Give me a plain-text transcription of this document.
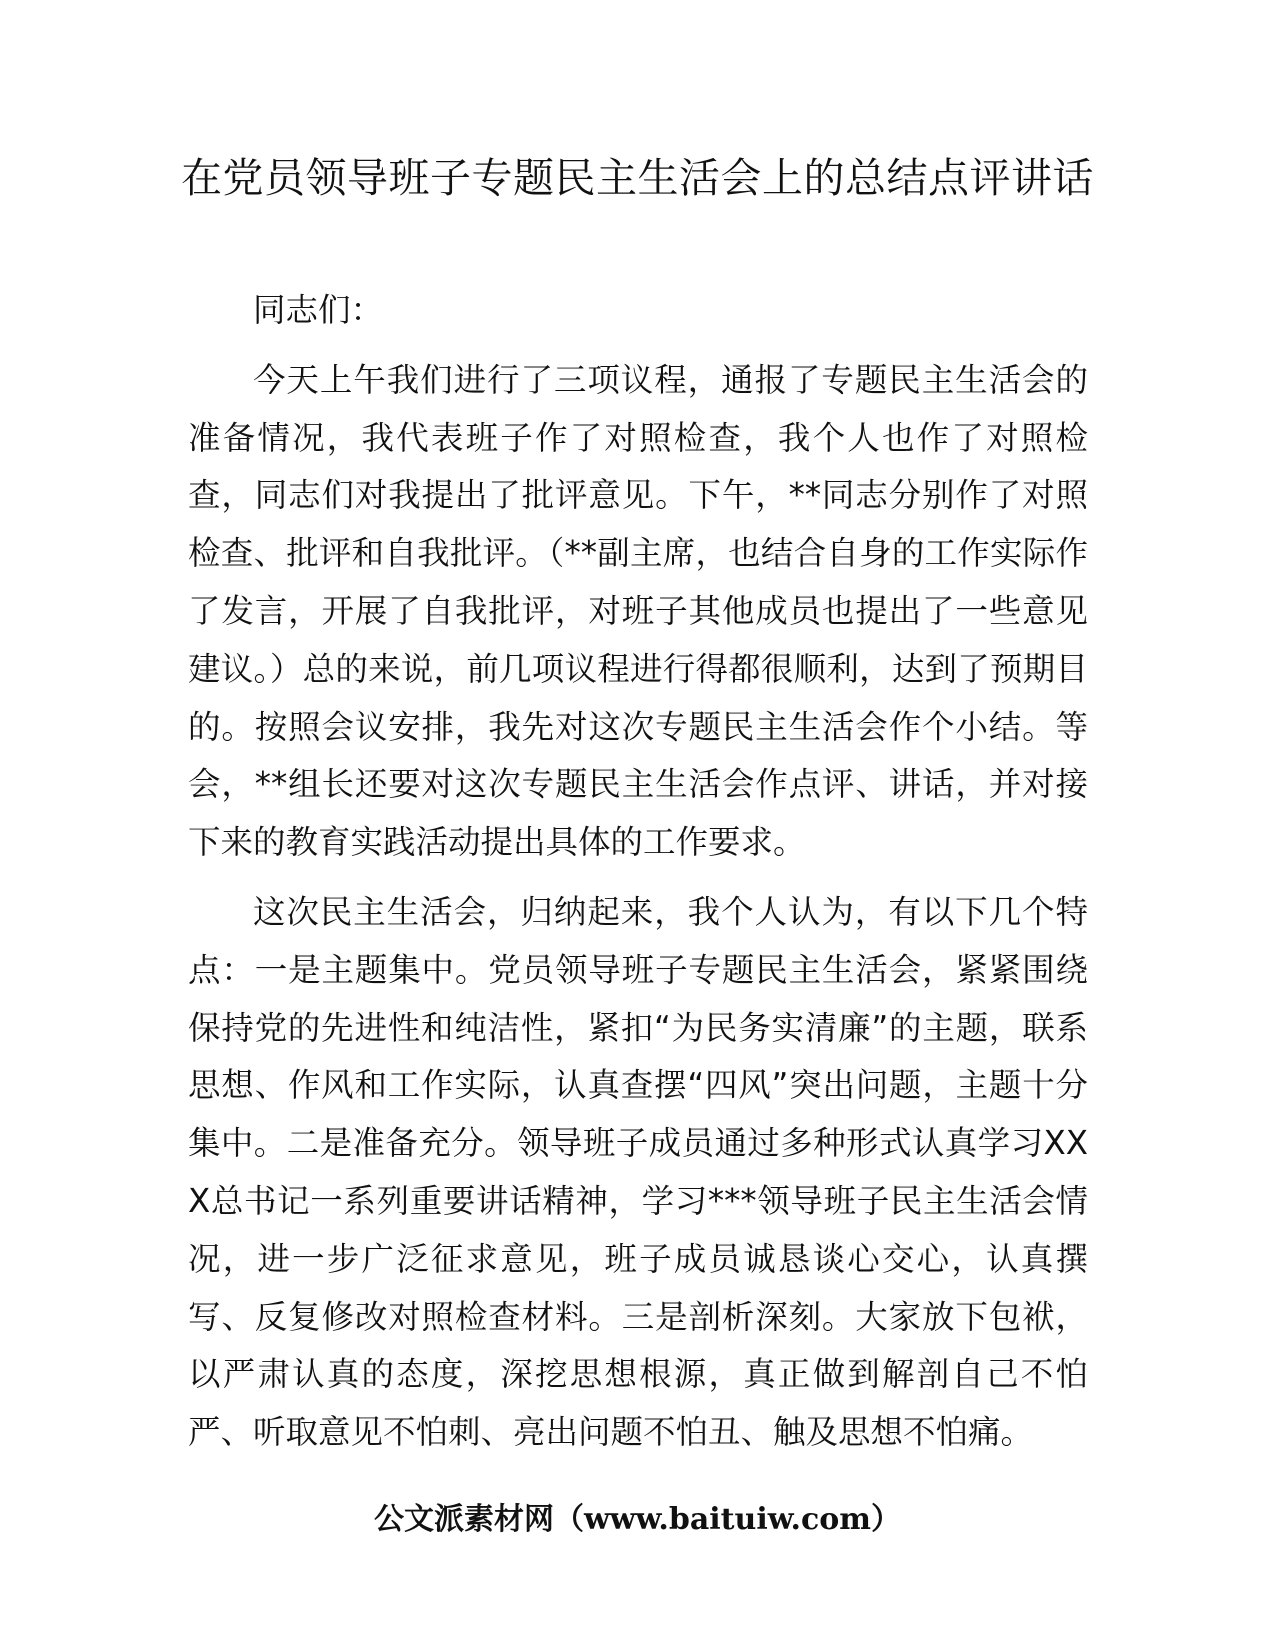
在党员领导班子专题民主生活会上的总结点评讲话

同志们：

今天上午我们进行了三项议程，通报了专题民主生活会的准备情况，我代表班子作了对照检查，我个人也作了对照检查，同志们对我提出了批评意见。下午，**同志分别作了对照检查、批评和自我批评。（**副主席，也结合自身的工作实际作了发言，开展了自我批评，对班子其他成员也提出了一些意见建议。）总的来说，前几项议程进行得都很顺利，达到了预期目的。按照会议安排，我先对这次专题民主生活会作个小结。等会，**组长还要对这次专题民主生活会作点评、讲话，并对接下来的教育实践活动提出具体的工作要求。

这次民主生活会，归纳起来，我个人认为，有以下几个特点：一是主题集中。党员领导班子专题民主生活会，紧紧围绕保持党的先进性和纯洁性，紧扣“为民务实清廉”的主题，联系思想、作风和工作实际，认真查摆“四风”突出问题，主题十分集中。二是准备充分。领导班子成员通过多种形式认真学习XXX总书记一系列重要讲话精神，学习***领导班子民主生活会情况，进一步广泛征求意见，班子成员诚恳谈心交心，认真撰写、反复修改对照检查材料。三是剖析深刻。大家放下包袱，以严肃认真的态度，深挖思想根源，真正做到解剖自己不怕严、听取意见不怕刺、亮出问题不怕丑、触及思想不怕痛。

公文派素材网（www.baituiw.com）
